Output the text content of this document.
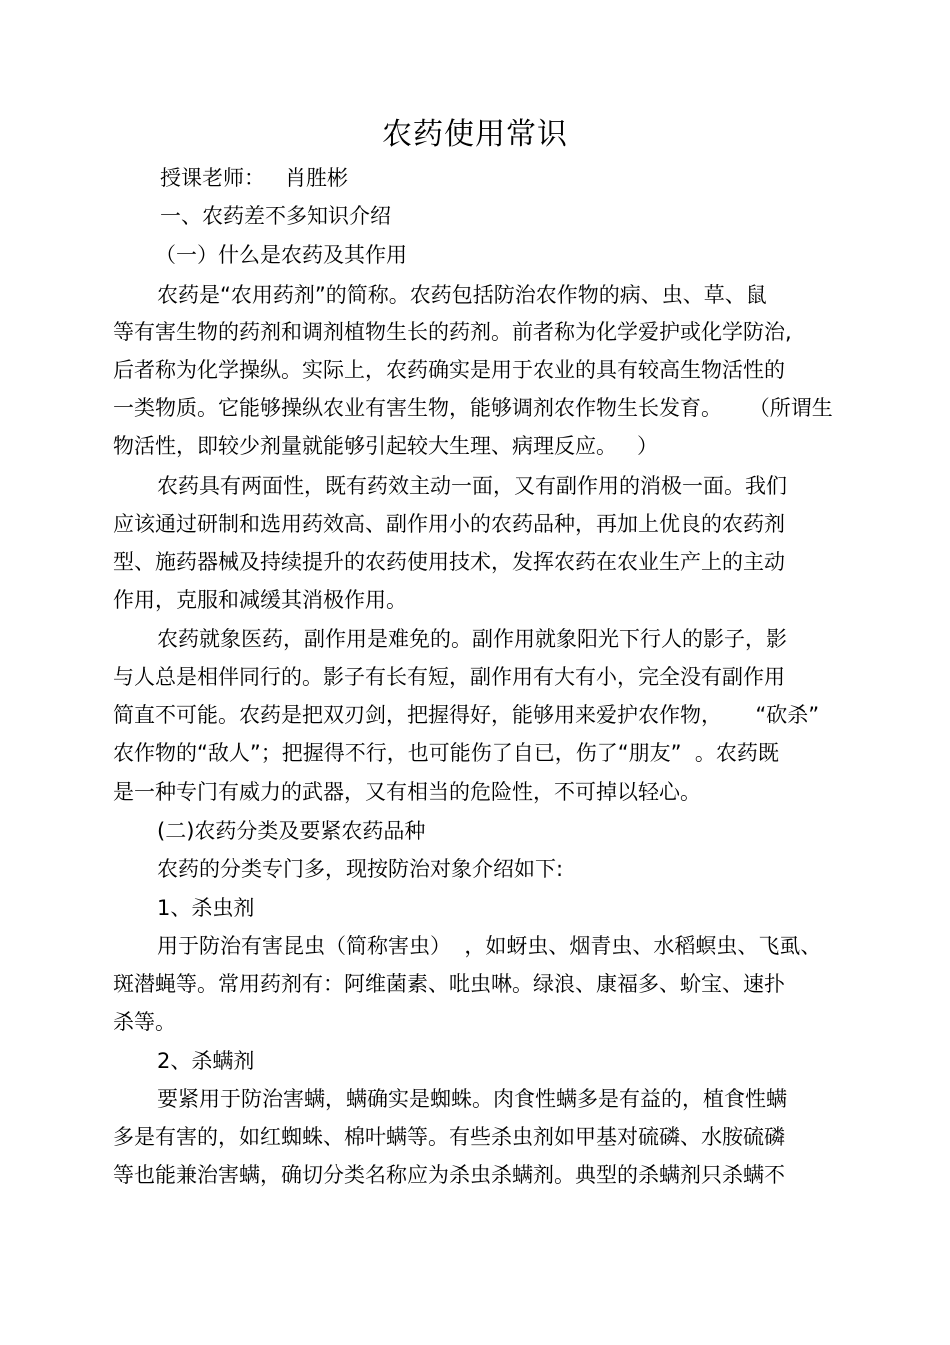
农药使用常识
授课老师：   肖胜彬
一、农药差不多知识介绍
（一）什么是农药及其作用
农药是“农用药剂”的简称。农药包括防治农作物的病、虫、草、鼠
等有害生物的药剂和调剂植物生长的药剂。前者称为化学爱护或化学防治,
后者称为化学操纵。实际上，农药确实是用于农业的具有较高生物活性的
一类物质。它能够操纵农业有害生物，能够调剂农作物生长发育。    （所谓生
物活性，即较少剂量就能够引起较大生理、病理反应。   ）
农药具有两面性，既有药效主动一面，又有副作用的消极一面。我们
应该通过研制和选用药效高、副作用小的农药品种，再加上优良的农药剂
型、施药器械及持续提升的农药使用技术，发挥农药在农业生产上的主动
作用，克服和减缓其消极作用。
农药就象医药，副作用是难免的。副作用就象阳光下行人的影子，影
与人总是相伴同行的。影子有长有短，副作用有大有小，完全没有副作用
简直不可能。农药是把双刃剑，把握得好，能够用来爱护农作物，     “砍杀”
农作物的“敌人”；把握得不行，也可能伤了自已，伤了“朋友”  。农药既
是一种专门有威力的武器，又有相当的危险性，不可掉以轻心。
(二)农药分类及要紧农药品种
农药的分类专门多，现按防治对象介绍如下:
1、杀虫剂
用于防治有害昆虫（简称害虫）  ，如蚜虫、烟青虫、水稻螟虫、飞虱、
斑潜蝇等。常用药剂有：阿维菌素、吡虫啉。绿浪、康福多、蚧宝、速扑
杀等。
2、杀螨剂
要紧用于防治害螨，螨确实是蜘蛛。肉食性螨多是有益的，植食性螨
多是有害的，如红蜘蛛、棉叶螨等。有些杀虫剂如甲基对硫磷、水胺硫磷
等也能兼治害螨，确切分类名称应为杀虫杀螨剂。典型的杀螨剂只杀螨不
